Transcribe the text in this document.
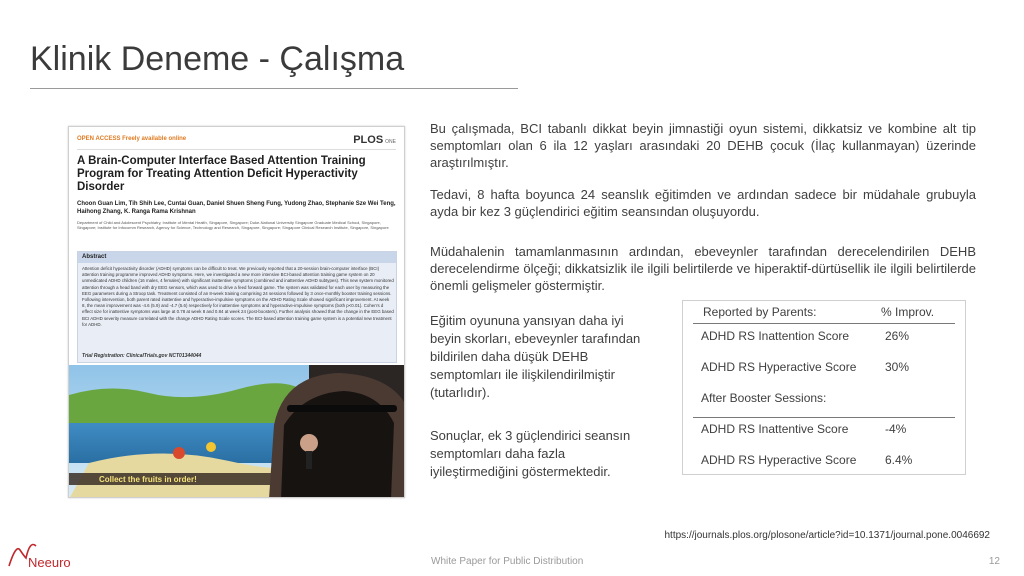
Klinik Deneme - Çalışma
OPEN ACCESS Freely available online	PLOS ONE
A Brain-Computer Interface Based Attention Training Program for Treating Attention Deficit Hyperactivity Disorder
Choon Guan Lim, Tih Shih Lee, Cuntai Guan, Daniel Shuen Sheng Fung, Yudong Zhao, Stephanie Sze Wei Teng, Haihong Zhang, K. Ranga Rama Krishnan
Department of Child and Adolescent Psychiatry, Institute of Mental Health, Singapore, Singapore; Duke-National University Singapore Graduate Medical School, Singapore, Singapore; Institute for Infocomm Research, Agency for Science, Technology and Research, Singapore, Singapore; Singapore Clinical Research Institute, Singapore, Singapore
Abstract
Attention deficit hyperactivity disorder (ADHD) symptoms can be difficult to treat. We previously reported that a 20-session brain-computer interface (BCI) attention training programme improved ADHD symptoms. Here, we investigated a new more intensive BCI-based attention training game system on 20 unmedicated ADHD children (16 males, 4 females) with significant inattentive symptoms (combined and inattentive ADHD subtypes). This new system monitored attention through a head band with dry EEG sensors, which was used to drive a feed forward game. The system was validated for each user by measuring the EEG parameters during a Stroop task. Treatment consisted of an 8-week training comprising 24 sessions followed by 3 once-monthly booster training sessions. Following intervention, both parent rated inattentive and hyperactive-impulsive symptoms on the ADHD Rating Scale showed significant improvement. At week 8, the mean improvement was -4.6 (5.9) and -4.7 (5.6) respectively for inattentive symptoms and hyperactive-impulsive symptoms (both p<0.01). Cohen's d effect size for inattentive symptoms was large at 0.78 at week 8 and 0.84 at week 24 (post-boosters). Further analysis showed that the change in the EEG based BCI ADHD severity measure correlated with the change ADHD Rating Scale scores. The BCI-based attention training game system is a potential new treatment for ADHD.
Trial Registration: ClinicalTrials.gov NCT01344044
Collect the fruits in order!

Bu çalışmada, BCI tabanlı dikkat beyin jimnastiği oyun sistemi, dikkatsiz ve kombine alt tip semptomları olan 6 ila 12 yaşları arasındaki 20 DEHB çocuk (İlaç kullanmayan) üzerinde araştırılmıştır.

Tedavi, 8 hafta boyunca 24 seanslık eğitimden ve ardından sadece bir müdahale grubuyla ayda bir kez 3 güçlendirici eğitim seansından oluşuyordu.

Müdahalenin tamamlanmasının ardından, ebeveynler tarafından derecelendirilen DEHB derecelendirme ölçeği; dikkatsizlik ile ilgili belirtilerde ve hiperaktif-dürtüsellik ile ilgili belirtilerde önemli gelişmeler göstermiştir.

Eğitim oyununa yansıyan daha iyi beyin skorları, ebeveynler tarafından bildirilen daha düşük DEHB semptomları ile ilişkilendirilmiştir (tutarlıdır).

Sonuçlar, ek 3 güçlendirici seansın semptomları daha fazla iyileştirmediğini göstermektedir.

Reported by Parents:	% Improv.
ADHD RS Inattention Score	26%
ADHD RS Hyperactive Score 30%
After Booster Sessions:
ADHD RS Inattentive Score	-4%
ADHD RS Hyperactive Score 6.4%
https://journals.plos.org/plosone/article?id=10.1371/journal.pone.0046692
Neeuro	White Paper for Public Distribution	12
